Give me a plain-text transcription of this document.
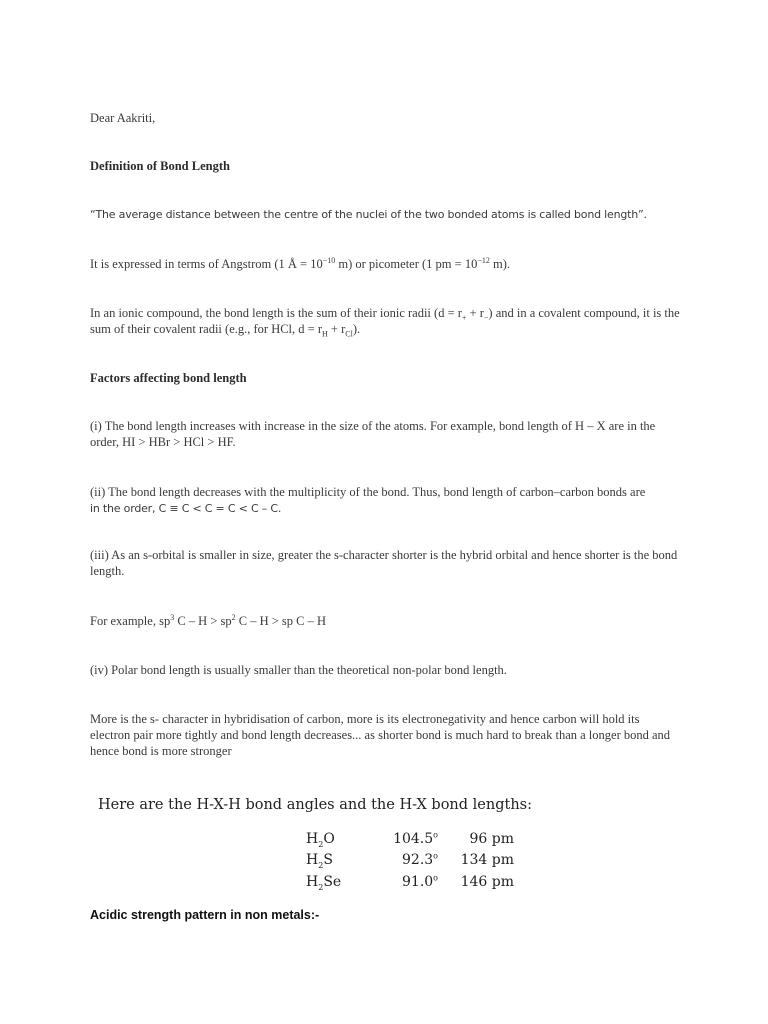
Dear Aakriti,

Definition of Bond Length

“The average distance between the centre of the nuclei of the two bonded atoms is called bond length”.

It is expressed in terms of Angstrom (1 Å = $10^{-10}$ m) or picometer (1 pm = $10^{-12}$ m).

In an ionic compound, the bond length is the sum of their ionic radii $(d = r_+ + r_-)$ and in a covalent compound, it is the sum of their covalent radii (e.g., for HCl, $d = r_H + r_{Cl}$).

Factors affecting bond length

(i) The bond length increases with increase in the size of the atoms. For example, bond length of H – X are in the order, HI > HBr > HCl > HF.

(ii) The bond length decreases with the multiplicity of the bond. Thus, bond length of carbon–carbon bonds are
in the order, C ≡ C < C = C < C – C.

(iii) As an s-orbital is smaller in size, greater the s-character shorter is the hybrid orbital and hence shorter is the bond length.

For example, $sp^3$ $C - H > sp^2$ C – H > sp C – H

(iv) Polar bond length is usually smaller than the theoretical non-polar bond length.

More is the s- character in hybridisation of carbon, more is its electronegativity and hence carbon will hold its electron pair more tightly and bond length decreases... as shorter bond is much hard to break than a longer bond and hence bond is more stronger

Here are the H-X-H bond angles and the H-X bond lengths:
$H_2O$	104.5$^o$	96 pm
$H_2S$	92.3$^o$	134 pm
$H_2Se$	91.0$^o$	146 pm
Acidic strength pattern in non metals:-
